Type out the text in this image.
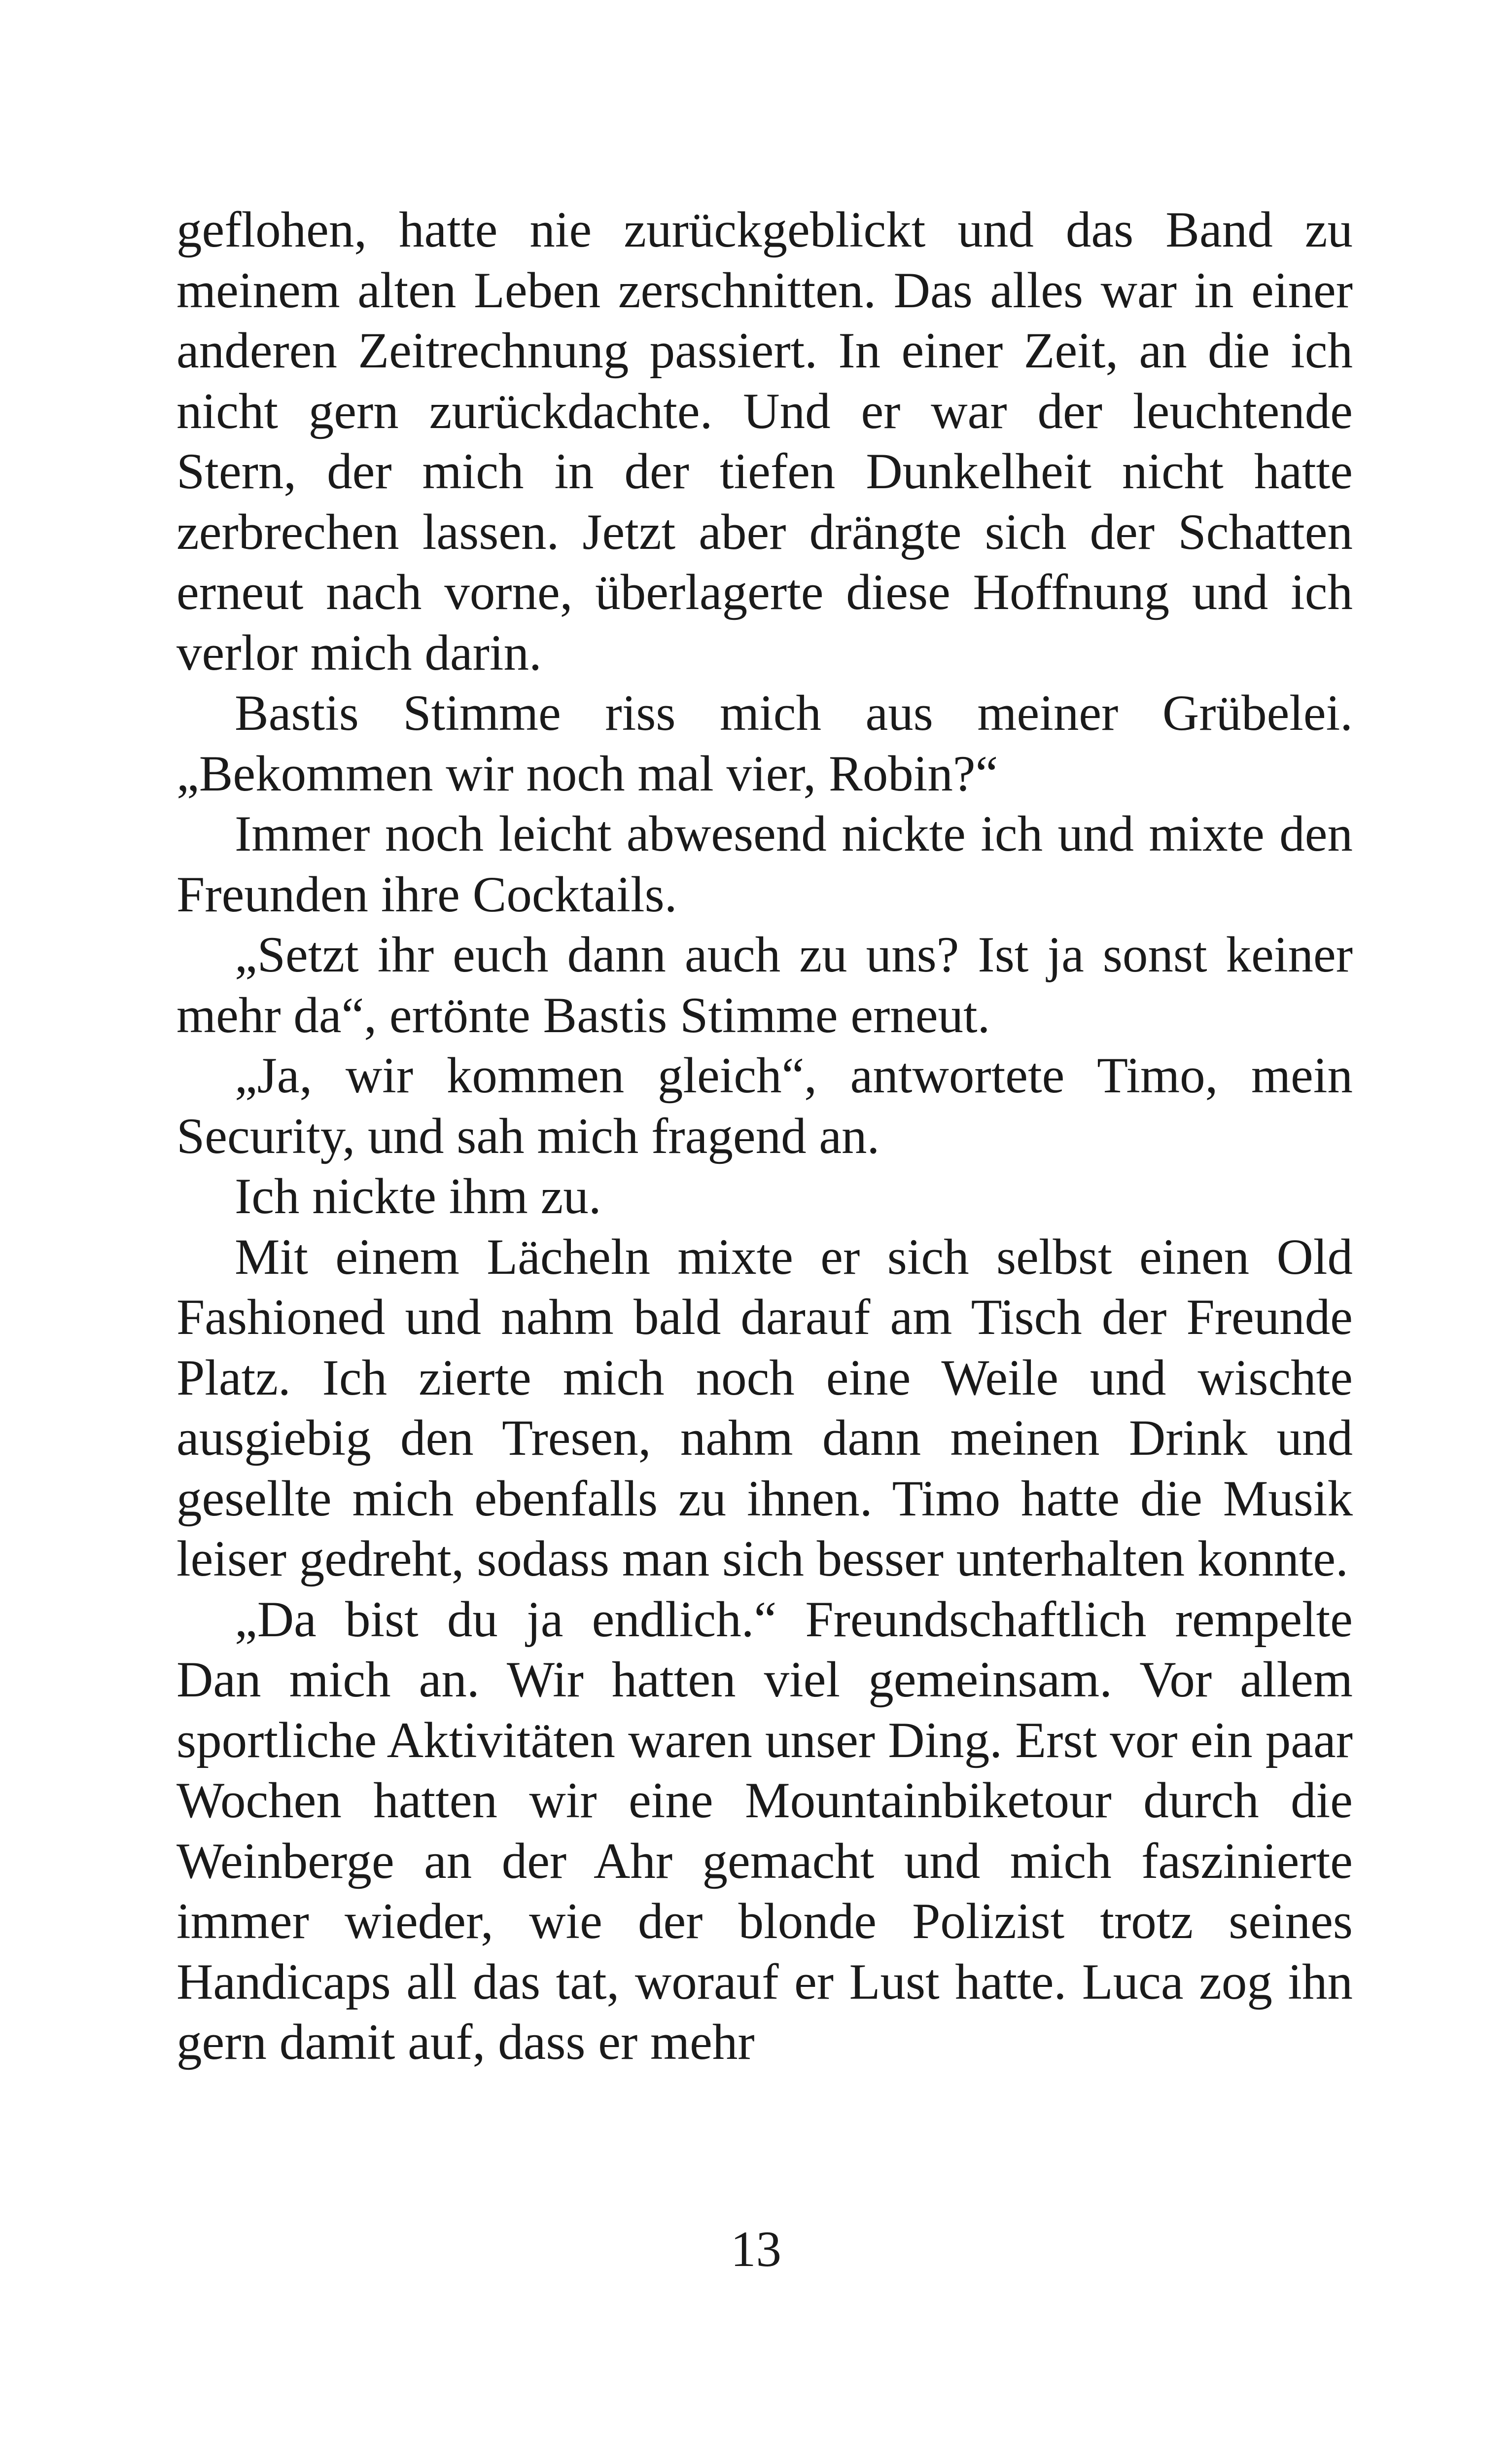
geflohen, hatte nie zurückgeblickt und das Band zu meinem alten Leben zerschnitten. Das alles war in einer anderen Zeitrechnung passiert. In einer Zeit, an die ich nicht gern zurückdachte. Und er war der leuchtende Stern, der mich in der tiefen Dunkelheit nicht hatte zerbrechen lassen. Jetzt aber drängte sich der Schatten erneut nach vorne, überlagerte diese Hoffnung und ich verlor mich darin.

Bastis Stimme riss mich aus meiner Grübelei. „Bekommen wir noch mal vier, Robin?“

Immer noch leicht abwesend nickte ich und mixte den Freunden ihre Cocktails.

„Setzt ihr euch dann auch zu uns? Ist ja sonst keiner mehr da“, ertönte Bastis Stimme erneut.

„Ja, wir kommen gleich“, antwortete Timo, mein Security, und sah mich fragend an.

Ich nickte ihm zu.

Mit einem Lächeln mixte er sich selbst einen Old Fashioned und nahm bald darauf am Tisch der Freunde Platz. Ich zierte mich noch eine Weile und wischte ausgiebig den Tresen, nahm dann meinen Drink und gesellte mich ebenfalls zu ihnen. Timo hatte die Musik leiser gedreht, sodass man sich besser unterhalten konnte.

„Da bist du ja endlich.“ Freundschaftlich rempelte Dan mich an. Wir hatten viel gemeinsam. Vor allem sportliche Aktivitäten waren unser Ding. Erst vor ein paar Wochen hatten wir eine Mountainbiketour durch die Weinberge an der Ahr gemacht und mich faszinierte immer wieder, wie der blonde Polizist trotz seines Handicaps all das tat, worauf er Lust hatte. Luca zog ihn gern damit auf, dass er mehr

13
